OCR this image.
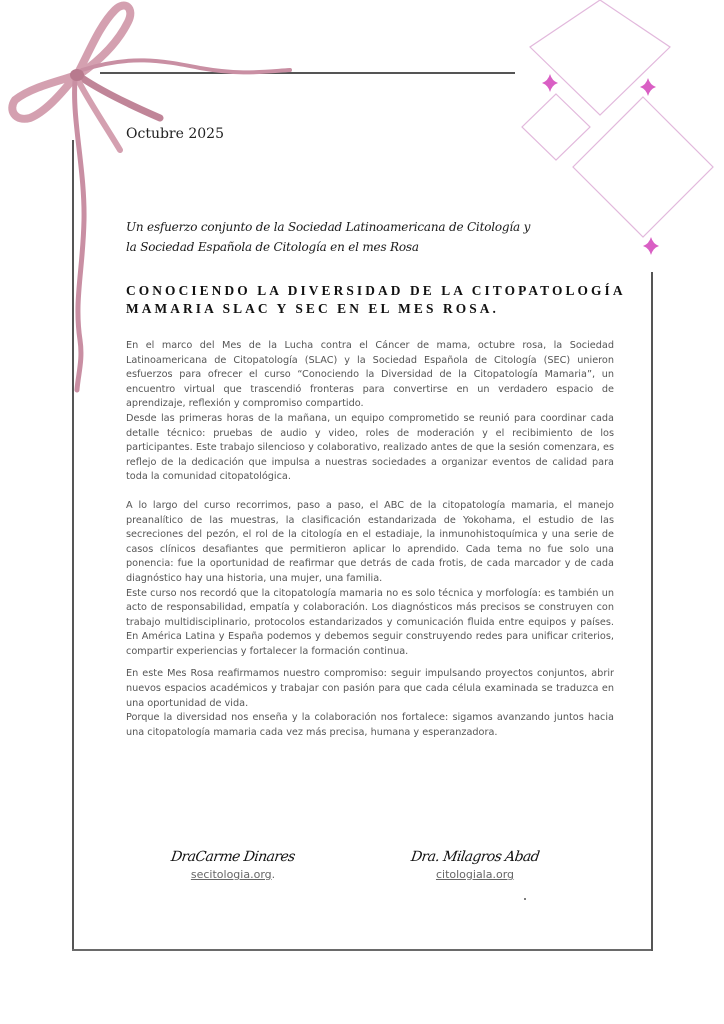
Octubre 2025
Un esfuerzo conjunto de la Sociedad Latinoamericana de Citología y
la Sociedad Española de Citología en el mes Rosa
CONOCIENDO LA DIVERSIDAD DE LA CITOPATOLOGÍA
MAMARIA SLAC Y SEC EN EL MES ROSA.

En el marco del Mes de la Lucha contra el Cáncer de mama, octubre rosa, la Sociedad Latinoamericana de Citopatología (SLAC) y la Sociedad Española de Citología (SEC) unieron esfuerzos para ofrecer el curso “Conociendo la Diversidad de la Citopatología Mamaria”, un encuentro virtual que trascendió fronteras para convertirse en un verdadero espacio de aprendizaje, reflexión y compromiso compartido.

Desde las primeras horas de la mañana, un equipo comprometido se reunió para coordinar cada detalle técnico: pruebas de audio y video, roles de moderación y el recibimiento de los participantes. Este trabajo silencioso y colaborativo, realizado antes de que la sesión comenzara, es reflejo de la dedicación que impulsa a nuestras sociedades a organizar eventos de calidad para toda la comunidad citopatológica.

A lo largo del curso recorrimos, paso a paso, el ABC de la citopatología mamaria, el manejo preanalítico de las muestras, la clasificación estandarizada de Yokohama, el estudio de las secreciones del pezón, el rol de la citología en el estadiaje, la inmunohistoquímica y una serie de casos clínicos desafiantes que permitieron aplicar lo aprendido. Cada tema no fue solo una ponencia: fue la oportunidad de reafirmar que detrás de cada frotis, de cada marcador y de cada diagnóstico hay una historia, una mujer, una familia.

Este curso nos recordó que la citopatología mamaria no es solo técnica y morfología: es también un acto de responsabilidad, empatía y colaboración. Los diagnósticos más precisos se construyen con trabajo multidisciplinario, protocolos estandarizados y comunicación fluida entre equipos y países. En América Latina y España podemos y debemos seguir construyendo redes para unificar criterios, compartir experiencias y fortalecer la formación continua.

En este Mes Rosa reafirmamos nuestro compromiso: seguir impulsando proyectos conjuntos, abrir nuevos espacios académicos y trabajar con pasión para que cada célula examinada se traduzca en una oportunidad de vida.

Porque la diversidad nos enseña y la colaboración nos fortalece: sigamos avanzando juntos hacia una citopatología mamaria cada vez más precisa, humana y esperanzadora.

DraCarme Dinares
secitologia.org.
Dra. Milagros Abad
citologiala.org
